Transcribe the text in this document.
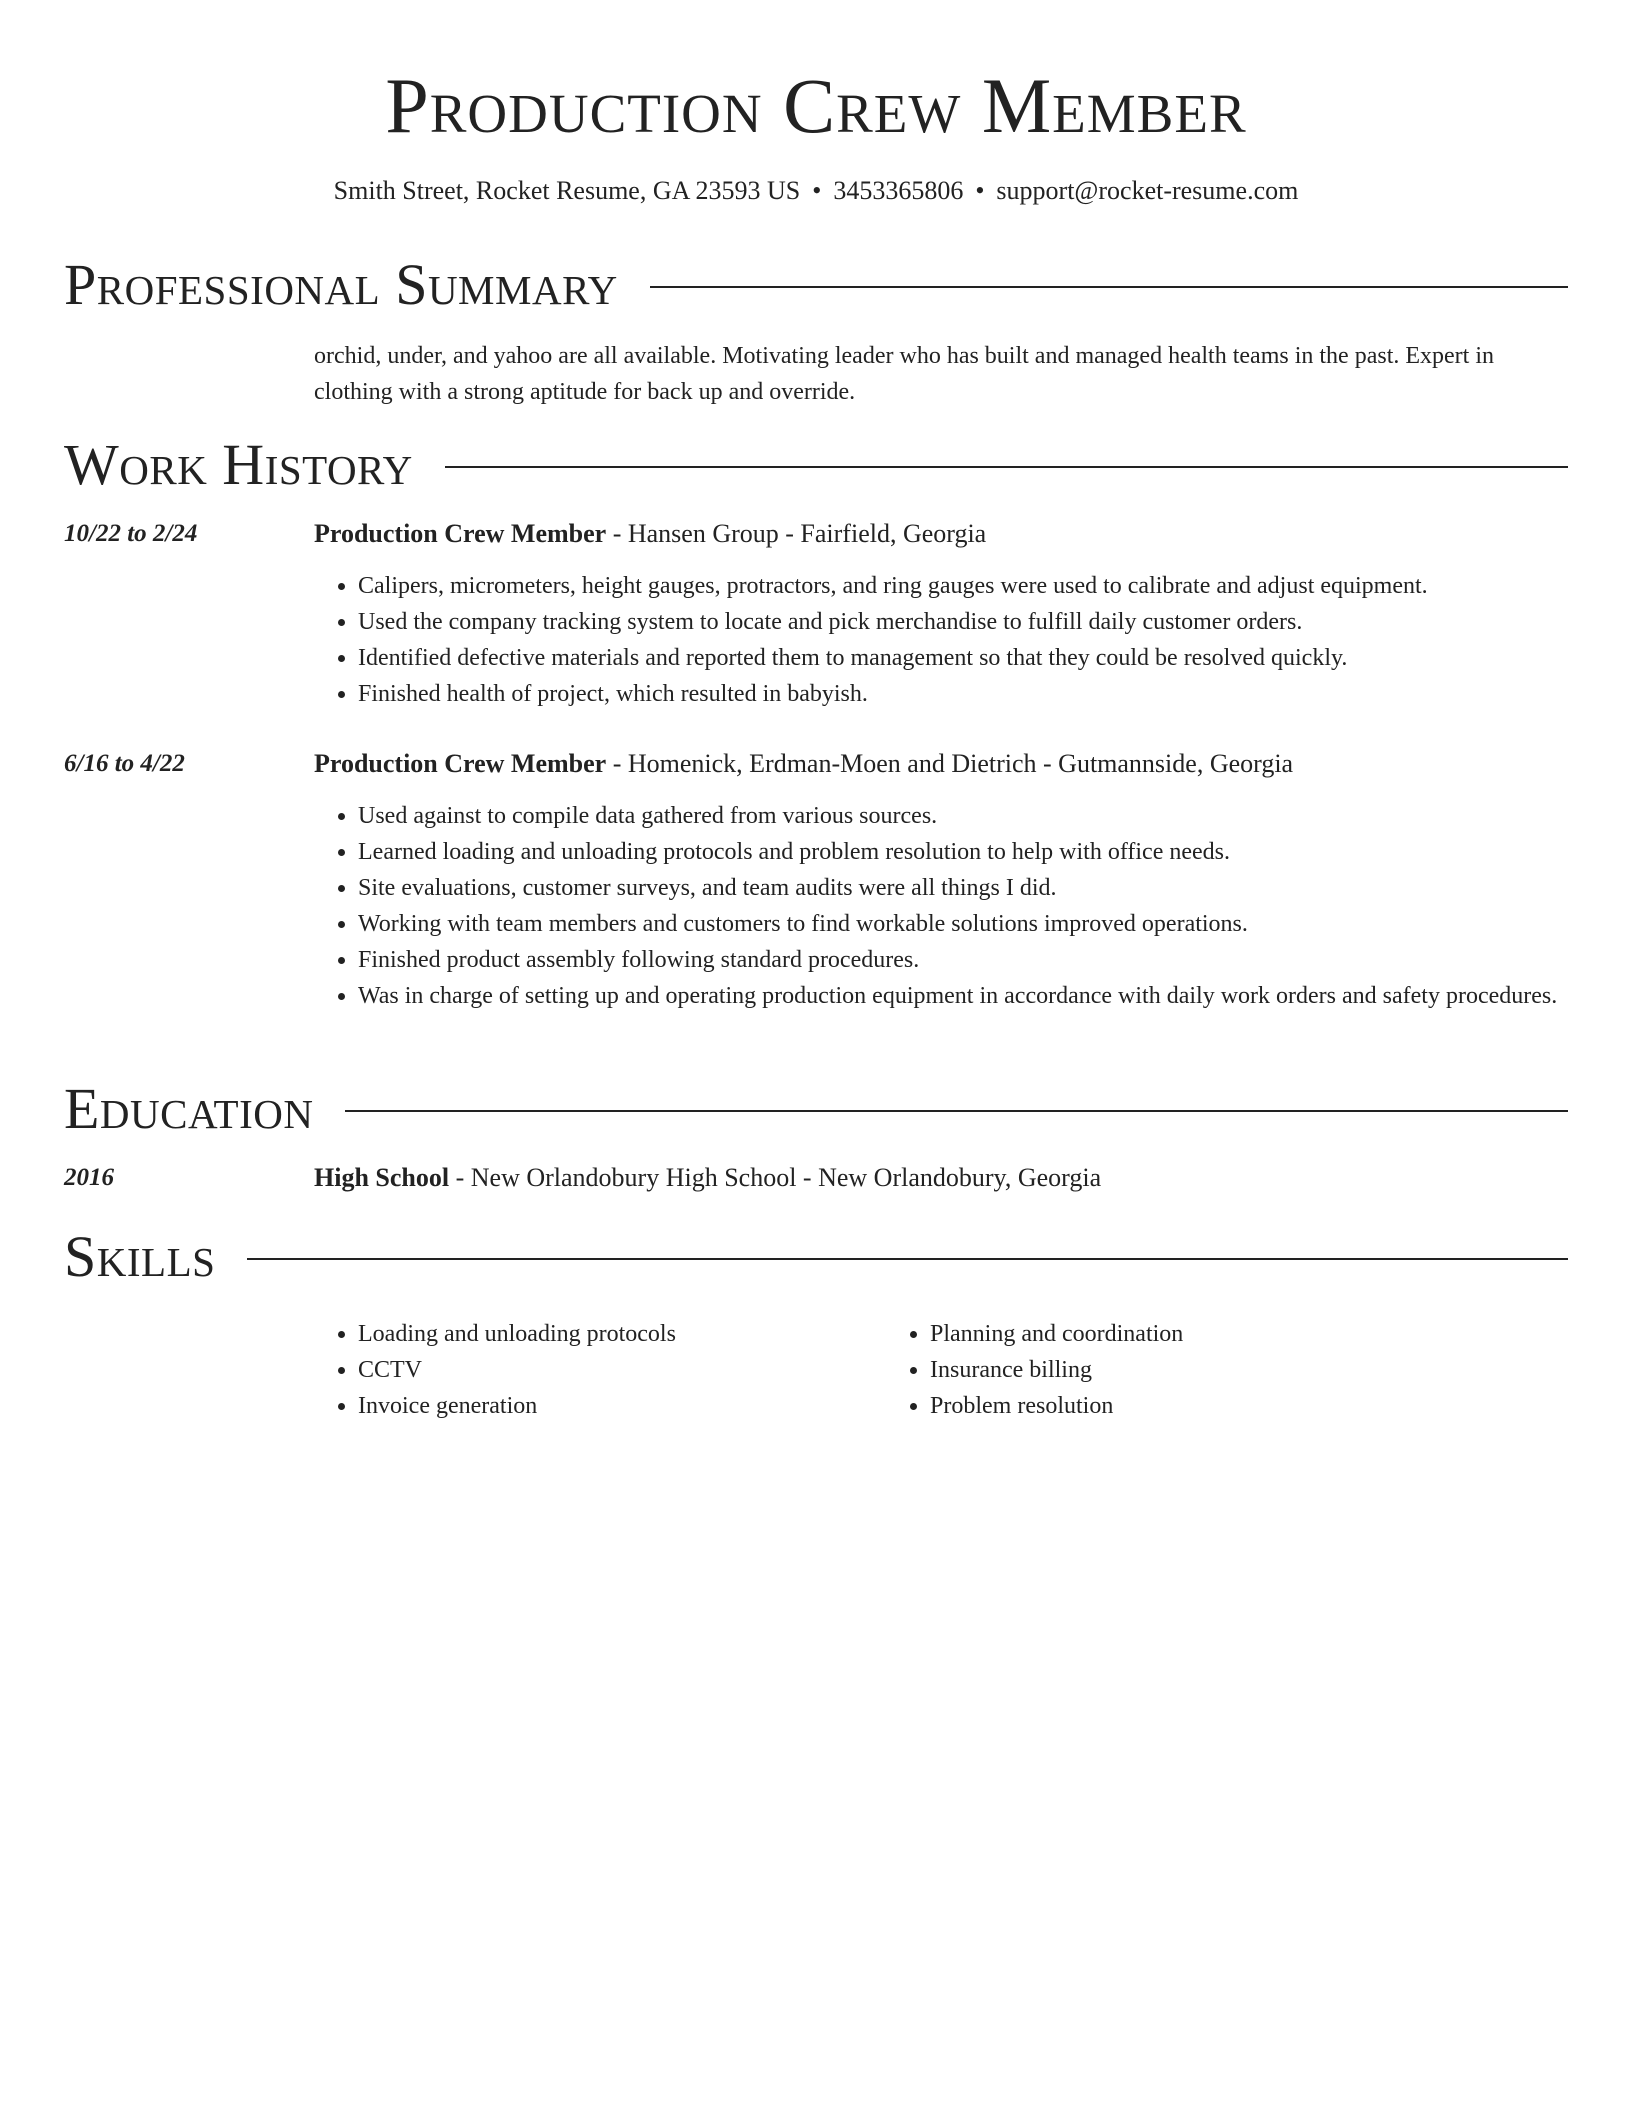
Production Crew Member
Smith Street, Rocket Resume, GA 23593 US • 3453365806 • support@rocket-resume.com
Professional Summary
orchid, under, and yahoo are all available. Motivating leader who has built and managed health teams in the past. Expert in clothing with a strong aptitude for back up and override.
Work History
10/22 to 2/24	Production Crew Member - Hansen Group - Fairfield, Georgia
• Calipers, micrometers, height gauges, protractors, and ring gauges were used to calibrate and adjust equipment.
• Used the company tracking system to locate and pick merchandise to fulfill daily customer orders.
• Identified defective materials and reported them to management so that they could be resolved quickly.
• Finished health of project, which resulted in babyish.
6/16 to 4/22	Production Crew Member - Homenick, Erdman-Moen and Dietrich - Gutmannside, Georgia
• Used against to compile data gathered from various sources.
• Learned loading and unloading protocols and problem resolution to help with office needs.
• Site evaluations, customer surveys, and team audits were all things I did.
• Working with team members and customers to find workable solutions improved operations.
• Finished product assembly following standard procedures.
• Was in charge of setting up and operating production equipment in accordance with daily work orders and safety procedures.
Education
2016	High School - New Orlandobury High School - New Orlandobury, Georgia
Skills
• Loading and unloading protocols
• CCTV
• Invoice generation
• Planning and coordination
• Insurance billing
• Problem resolution
